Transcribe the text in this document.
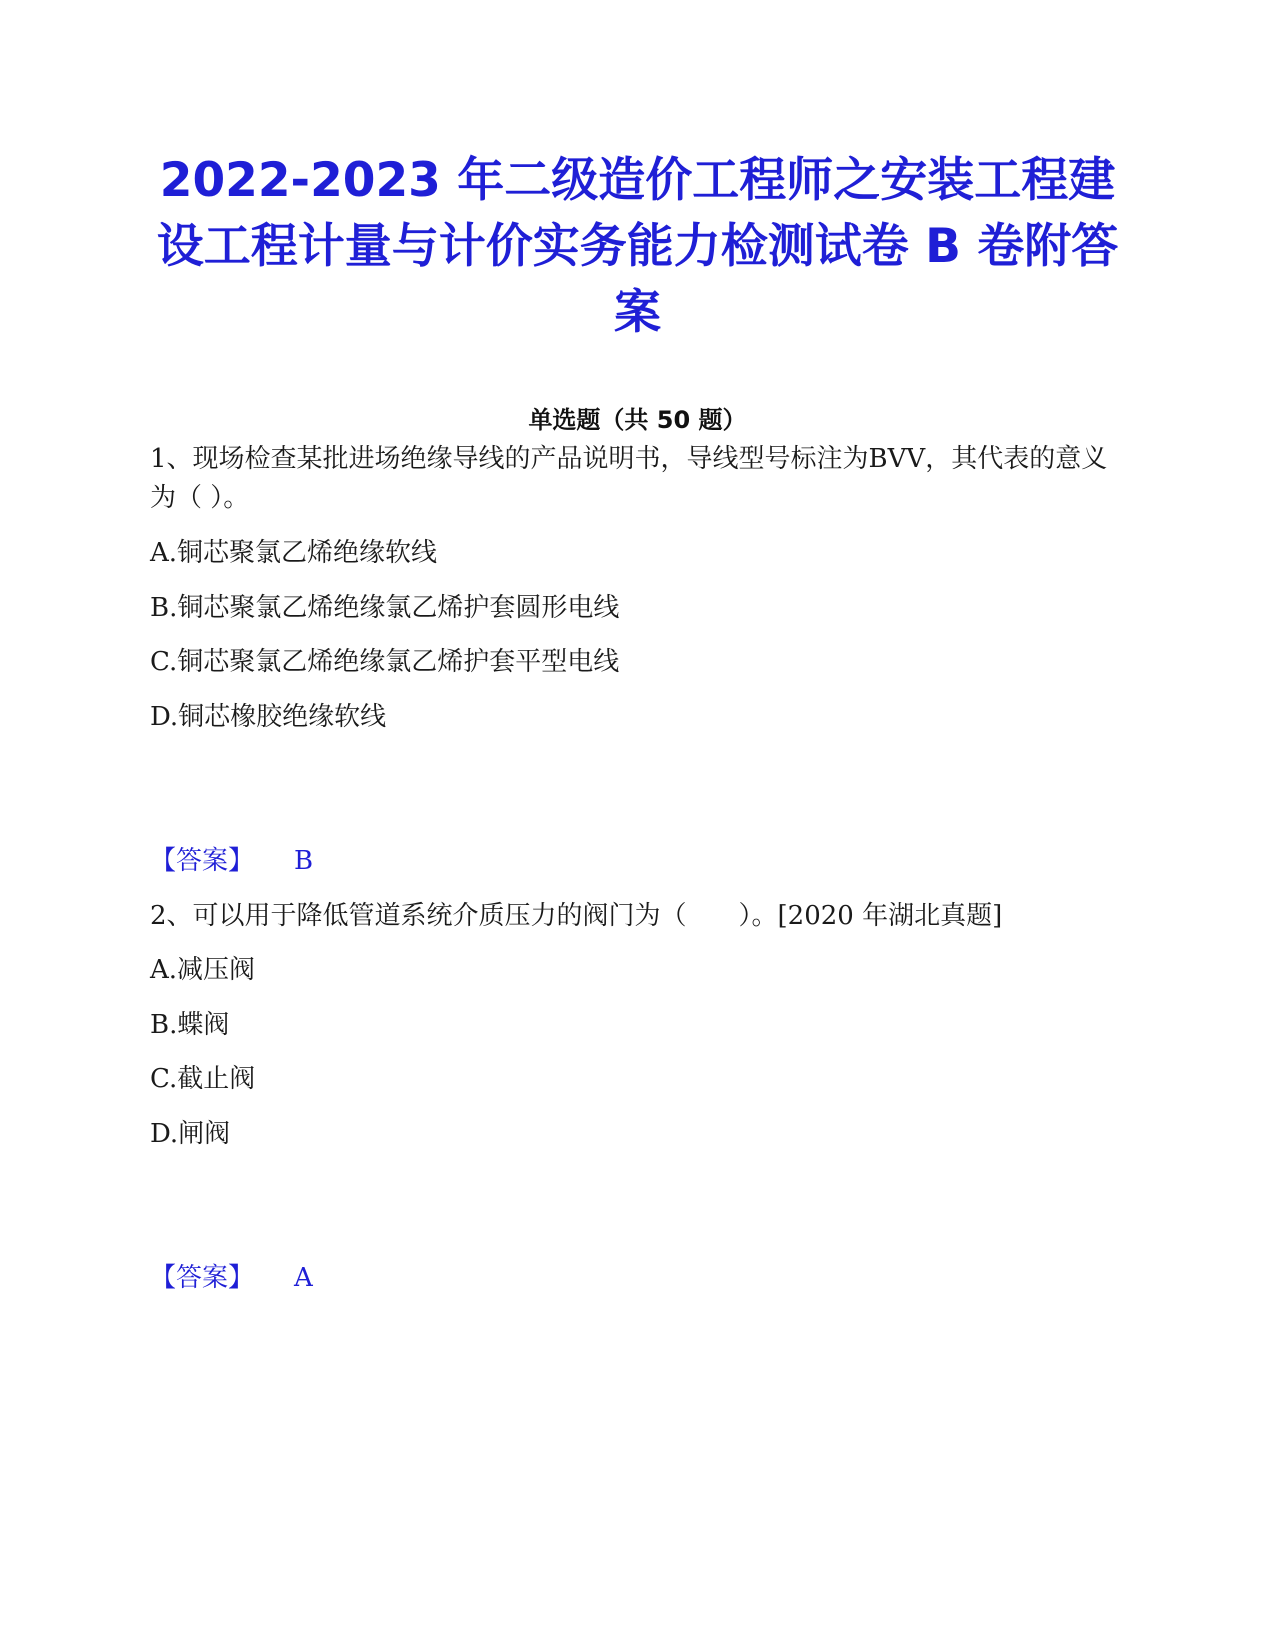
2022-2023 年二级造价工程师之安装工程建设工程计量与计价实务能力检测试卷 B 卷附答案
单选题（共 50 题）
1、现场检查某批进场绝缘导线的产品说明书，导线型号标注为BVV，其代表的意义为（ ）。
A.铜芯聚氯乙烯绝缘软线
B.铜芯聚氯乙烯绝缘氯乙烯护套圆形电线
C.铜芯聚氯乙烯绝缘氯乙烯护套平型电线
D.铜芯橡胶绝缘软线
【答案】 B
2、可以用于降低管道系统介质压力的阀门为（　　）。[2020 年湖北真题]
A.减压阀
B.蝶阀
C.截止阀
D.闸阀
【答案】 A
